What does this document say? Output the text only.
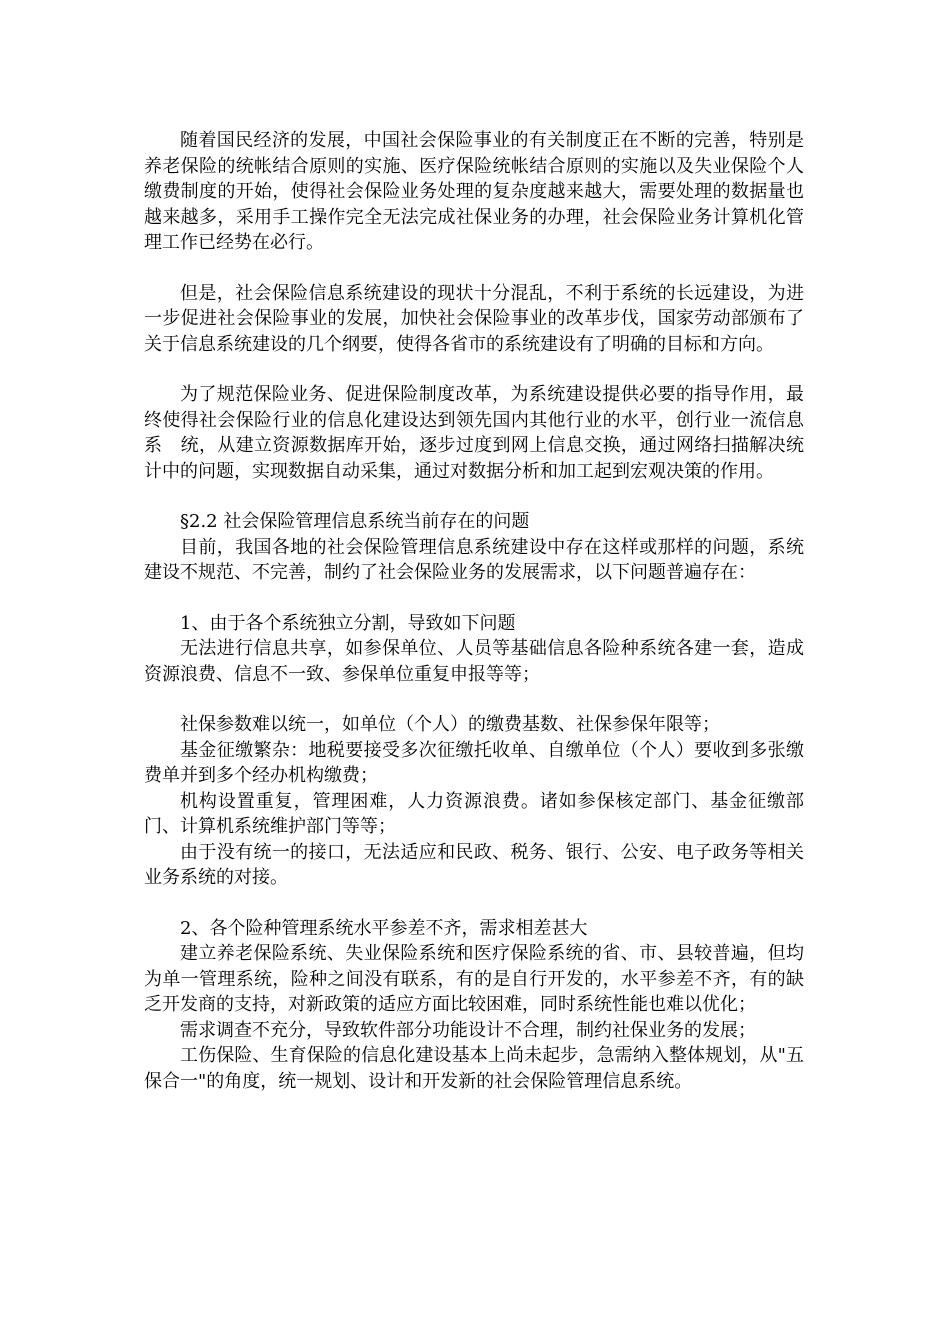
随着国民经济的发展，中国社会保险事业的有关制度正在不断的完善，特别是养老保险的统帐结合原则的实施、医疗保险统帐结合原则的实施以及失业保险个人缴费制度的开始，使得社会保险业务处理的复杂度越来越大，需要处理的数据量也越来越多，采用手工操作完全无法完成社保业务的办理，社会保险业务计算机化管理工作已经势在必行。

但是，社会保险信息系统建设的现状十分混乱，不利于系统的长远建设，为进一步促进社会保险事业的发展，加快社会保险事业的改革步伐，国家劳动部颁布了关于信息系统建设的几个纲要，使得各省市的系统建设有了明确的目标和方向。

为了规范保险业务、促进保险制度改革，为系统建设提供必要的指导作用，最终使得社会保险行业的信息化建设达到领先国内其他行业的水平，创行业一流信息系　统，从建立资源数据库开始，逐步过度到网上信息交换，通过网络扫描解决统计中的问题，实现数据自动采集，通过对数据分析和加工起到宏观决策的作用。

§2.2 社会保险管理信息系统当前存在的问题

目前，我国各地的社会保险管理信息系统建设中存在这样或那样的问题，系统建设不规范、不完善，制约了社会保险业务的发展需求，以下问题普遍存在：

1、由于各个系统独立分割，导致如下问题

无法进行信息共享，如参保单位、人员等基础信息各险种系统各建一套，造成资源浪费、信息不一致、参保单位重复申报等等；

社保参数难以统一，如单位（个人）的缴费基数、社保参保年限等；

基金征缴繁杂：地税要接受多次征缴托收单、自缴单位（个人）要收到多张缴费单并到多个经办机构缴费；

机构设置重复，管理困难，人力资源浪费。诸如参保核定部门、基金征缴部门、计算机系统维护部门等等；

由于没有统一的接口，无法适应和民政、税务、银行、公安、电子政务等相关业务系统的对接。

2、各个险种管理系统水平参差不齐，需求相差甚大

建立养老保险系统、失业保险系统和医疗保险系统的省、市、县较普遍，但均为单一管理系统，险种之间没有联系，有的是自行开发的，水平参差不齐，有的缺乏开发商的支持，对新政策的适应方面比较困难，同时系统性能也难以优化；

需求调查不充分，导致软件部分功能设计不合理，制约社保业务的发展；

工伤保险、生育保险的信息化建设基本上尚未起步，急需纳入整体规划，从"五保合一"的角度，统一规划、设计和开发新的社会保险管理信息系统。
